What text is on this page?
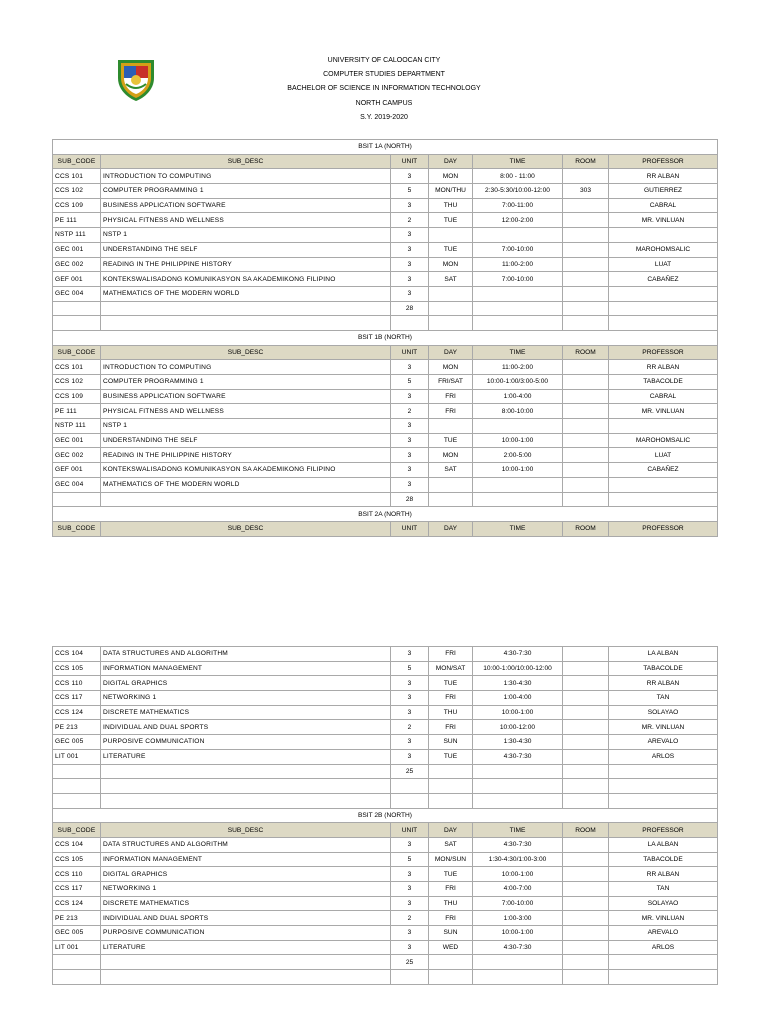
UNIVERSITY OF CALOOCAN CITY
COMPUTER STUDIES DEPARTMENT
BACHELOR OF SCIENCE IN INFORMATION TECHNOLOGY
NORTH CAMPUS
S.Y. 2019-2020
BSIT 1A (NORTH)						
SUB_CODE	SUB_DESC	UNIT	DAY	TIME	ROOM	PROFESSOR
CCS 101	INTRODUCTION TO COMPUTING	3	MON	8:00 - 11:00		RR ALBAN
CCS 102	COMPUTER PROGRAMMING 1	5	MON/THU	2:30-5:30/10:00-12:00	303	GUTIERREZ
CCS 109	BUSINESS APPLICATION SOFTWARE	3	THU	7:00-11:00		CABRAL
PE 111	PHYSICAL FITNESS AND WELLNESS	2	TUE	12:00-2:00		MR. VINLUAN
NSTP 111	NSTP 1	3				
GEC 001	UNDERSTANDING THE SELF	3	TUE	7:00-10:00		MAROHOMSALIC
GEC 002	READING IN THE PHILIPPINE HISTORY	3	MON	11:00-2:00		LUAT
GEF 001	KONTEKSWALISADONG KOMUNIKASYON SA AKADEMIKONG FILIPINO	3	SAT	7:00-10:00		CABAÑEZ
GEC 004	MATHEMATICS OF THE MODERN WORLD	3				
		28				

BSIT 1B (NORTH)						
SUB_CODE	SUB_DESC	UNIT	DAY	TIME	ROOM	PROFESSOR
CCS 101	INTRODUCTION TO COMPUTING	3	MON	11:00-2:00		RR ALBAN
CCS 102	COMPUTER PROGRAMMING 1	5	FRI/SAT	10:00-1:00/3:00-5:00		TABACOLDE
CCS 109	BUSINESS APPLICATION SOFTWARE	3	FRI	1:00-4:00		CABRAL
PE 111	PHYSICAL FITNESS AND WELLNESS	2	FRI	8:00-10:00		MR. VINLUAN
NSTP 111	NSTP 1	3				
GEC 001	UNDERSTANDING THE SELF	3	TUE	10:00-1:00		MAROHOMSALIC
GEC 002	READING IN THE PHILIPPINE HISTORY	3	MON	2:00-5:00		LUAT
GEF 001	KONTEKSWALISADONG KOMUNIKASYON SA AKADEMIKONG FILIPINO	3	SAT	10:00-1:00		CABAÑEZ
GEC 004	MATHEMATICS OF THE MODERN WORLD	3				
		28				
BSIT 2A (NORTH)						
SUB_CODE	SUB_DESC	UNIT	DAY	TIME	ROOM	PROFESSOR
CCS 104	DATA STRUCTURES AND ALGORITHM	3	FRI	4:30-7:30		LA ALBAN
CCS 105	INFORMATION MANAGEMENT	5	MON/SAT	10:00-1:00/10:00-12:00		TABACOLDE
CCS 110	DIGITAL GRAPHICS	3	TUE	1:30-4:30		RR ALBAN
CCS 117	NETWORKING 1	3	FRI	1:00-4:00		TAN
CCS 124	DISCRETE MATHEMATICS	3	THU	10:00-1:00		SOLAYAO
PE 213	INDIVIDUAL AND DUAL SPORTS	2	FRI	10:00-12:00		MR. VINLUAN
GEC 005	PURPOSIVE COMMUNICATION	3	SUN	1:30-4:30		AREVALO
LIT 001	LITERATURE	3	TUE	4:30-7:30		ARLOS
		25				

BSIT 2B (NORTH)						
SUB_CODE	SUB_DESC	UNIT	DAY	TIME	ROOM	PROFESSOR
CCS 104	DATA STRUCTURES AND ALGORITHM	3	SAT	4:30-7:30		LA ALBAN
CCS 105	INFORMATION MANAGEMENT	5	MON/SUN	1:30-4:30/1:00-3:00		TABACOLDE
CCS 110	DIGITAL GRAPHICS	3	TUE	10:00-1:00		RR ALBAN
CCS 117	NETWORKING 1	3	FRI	4:00-7:00		TAN
CCS 124	DISCRETE MATHEMATICS	3	THU	7:00-10:00		SOLAYAO
PE 213	INDIVIDUAL AND DUAL SPORTS	2	FRI	1:00-3:00		MR. VINLUAN
GEC 005	PURPOSIVE COMMUNICATION	3	SUN	10:00-1:00		AREVALO
LIT 001	LITERATURE	3	WED	4:30-7:30		ARLOS
		25				
